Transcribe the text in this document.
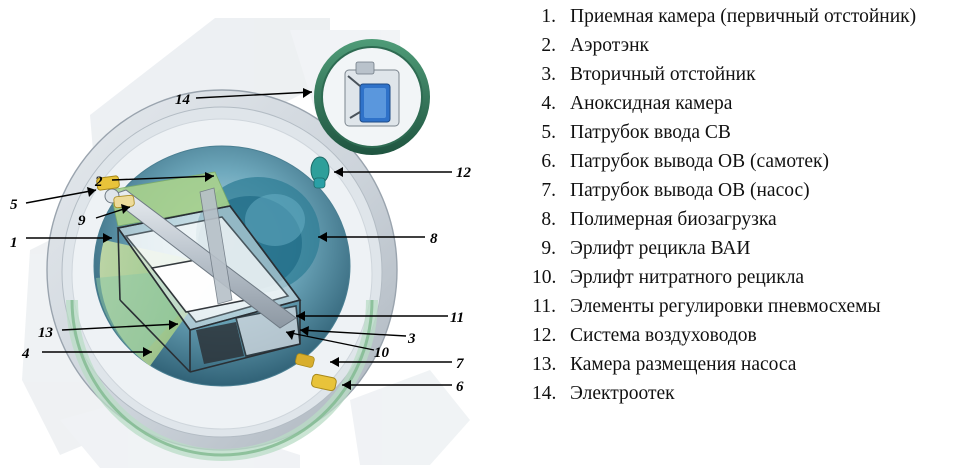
1
2
3
4
5
6
7
8
9
10
11
12
13
14
1. Приемная камера (первичный отстойник)
2. Аэротэнк
3. Вторичный отстойник
4. Аноксидная камера
5. Патрубок ввода СВ
6. Патрубок вывода ОВ (самотек)
7. Патрубок вывода ОВ (насос)
8. Полимерная биозагрузка
9. Эрлифт рецикла ВАИ
10. Эрлифт нитратного рецикла
11. Элементы регулировки пневмосхемы
12. Система воздуховодов
13. Камера размещения насоса
14. Электроотек
